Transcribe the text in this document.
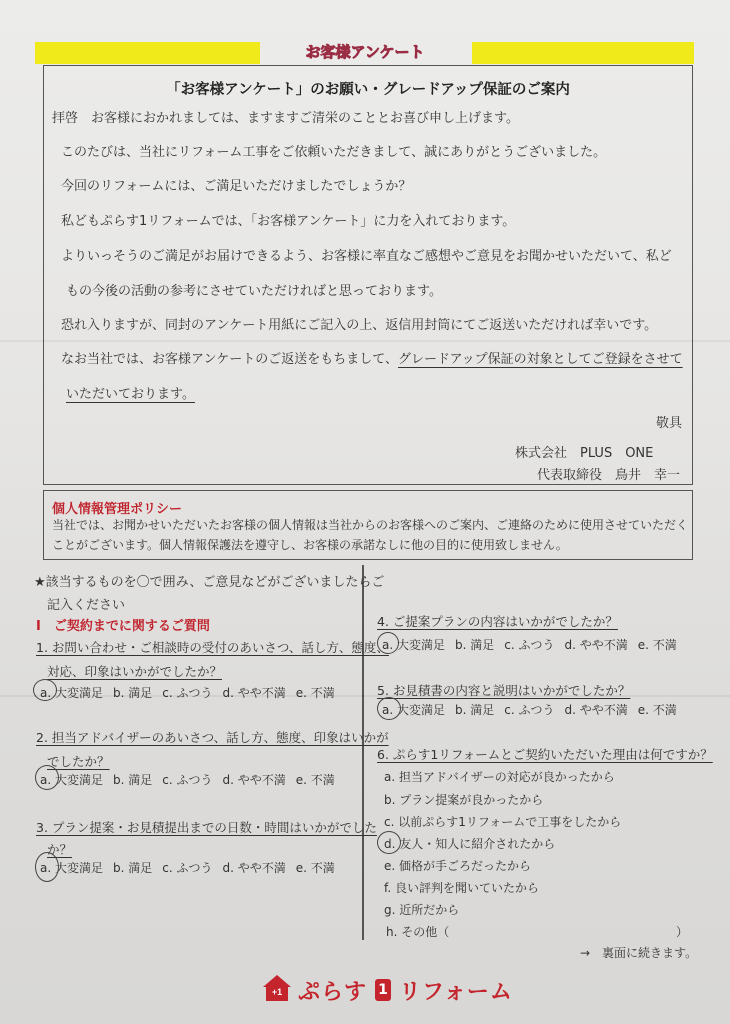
お客様アンケート
「お客様アンケート」のお願い・グレードアップ保証のご案内
拝啓　お客様におかれましては、ますますご清栄のこととお喜び申し上げます。
このたびは、当社にリフォーム工事をご依頼いただきまして、誠にありがとうございました。
今回のリフォームには、ご満足いただけましたでしょうか？
私どもぷらす1リフォームでは、「お客様アンケート」に力を入れております。
よりいっそうのご満足がお届けできるよう、お客様に率直なご感想やご意見をお聞かせいただいて、私ど
もの今後の活動の参考にさせていただければと思っております。
恐れ入りますが、同封のアンケート用紙にご記入の上、返信用封筒にてご返送いただければ幸いです。
なお当社では、お客様アンケートのご返送をもちまして、グレードアップ保証の対象としてご登録をさせて
いただいております。
敬具
株式会社　PLUS　ONE
代表取締役　鳥井　幸一
個人情報管理ポリシー
当社では、お聞かせいただいたお客様の個人情報は当社からのお客様へのご案内、ご連絡のために使用させていただく
ことがございます。個人情報保護法を遵守し、お客様の承諾なしに他の目的に使用致しません。
★該当するものを〇で囲み、ご意見などがございましたらご
記入ください
Ⅰ　ご契約までに関するご質問
1. お問い合わせ・ご相談時の受付のあいさつ、話し方、態度、
対応、印象はいかがでしたか？
a. 大変満足 b. 満足 c. ふつう d. やや不満 e. 不満
2. 担当アドバイザーのあいさつ、話し方、態度、印象はいかが
でしたか？
a. 大変満足 b. 満足 c. ふつう d. やや不満 e. 不満
3. プラン提案・お見積提出までの日数・時間はいかがでした
か？
a. 大変満足 b. 満足 c. ふつう d. やや不満 e. 不満
4. ご提案プランの内容はいかがでしたか？
a. 大変満足 b. 満足 c. ふつう d. やや不満 e. 不満
5. お見積書の内容と説明はいかがでしたか？
a. 大変満足 b. 満足 c. ふつう d. やや不満 e. 不満
6. ぷらす1リフォームとご契約いただいた理由は何ですか？
a. 担当アドバイザーの対応が良かったから
b. プラン提案が良かったから
c. 以前ぷらす1リフォームで工事をしたから
d. 友人・知人に紹介されたから
e. 価格が手ごろだったから
f. 良い評判を聞いていたから
g. 近所だから
h. その他（	）
→　裏面に続きます。
+1 ぷらす 1 リフォーム
